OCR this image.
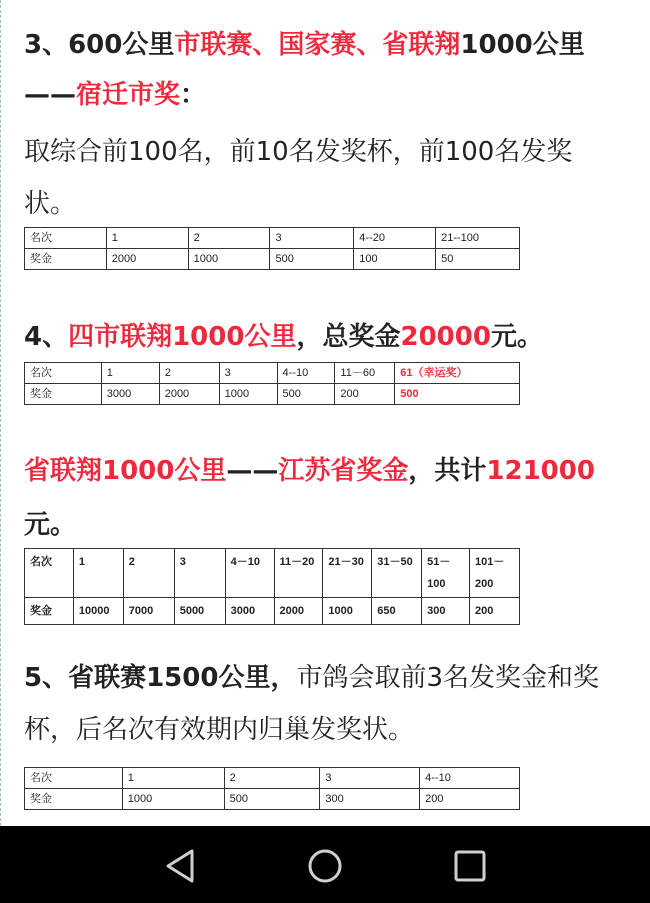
3、600公里市联赛、国家赛、省联翔1000公里
——宿迁市奖：
取综合前100名，前10名发奖杯，前100名发奖状。
名次	1	2	3	4--20	21--100
奖金	2000	1000	500	100	50
4、四市联翔1000公里，总奖金20000元。
名次	1	2	3	4--10	11－60	61（幸运奖）
奖金	3000	2000	1000	500	200	500
省联翔1000公里——江苏省奖金，共计121000元。
名次	1	2	3	4－10	11－20	21－30	31－50	51－100	101－200
奖金	10000	7000	5000	3000	2000	1000	650	300	200
5、省联赛1500公里，市鸽会取前3名发奖金和奖杯，后名次有效期内归巢发奖状。
名次	1	2	3	4--10
奖金	1000	500	300	200
